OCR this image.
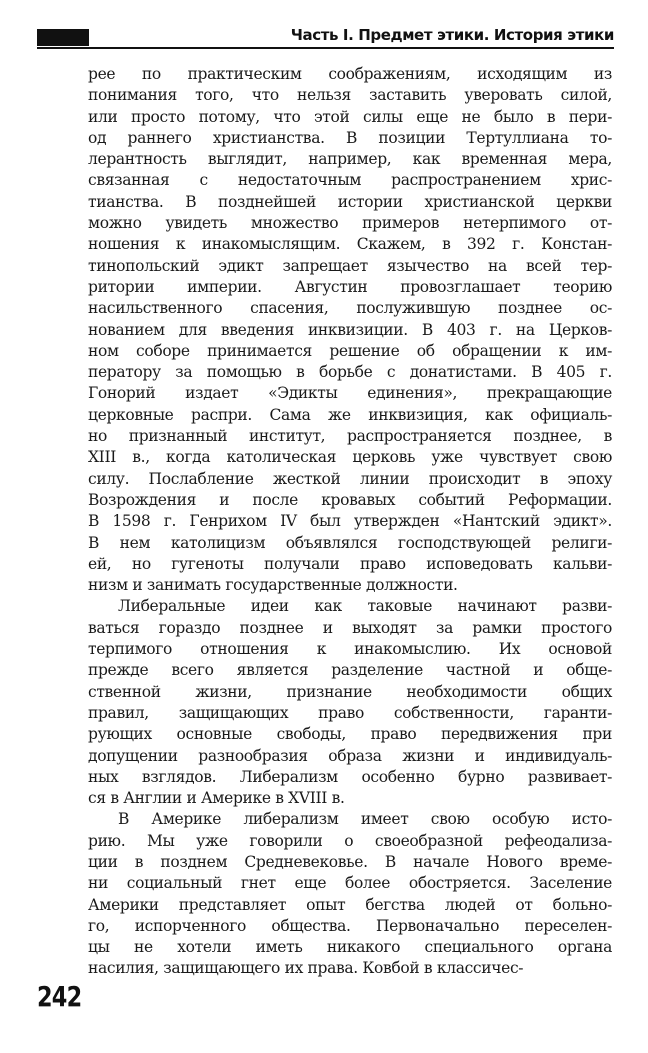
Часть I. Предмет этики. История этики
рее по практическим соображениям, исходящим из
понимания того, что нельзя заставить уверовать силой,
или просто потому, что этой силы еще не было в пери-
од раннего христианства. В позиции Тертуллиана то-
лерантность выглядит, например, как временная мера,
связанная с недостаточным распространением хрис-
тианства. В позднейшей истории христианской церкви
можно увидеть множество примеров нетерпимого от-
ношения к инакомыслящим. Скажем, в 392 г. Констан-
тинопольский эдикт запрещает язычество на всей тер-
ритории империи. Августин провозглашает теорию
насильственного спасения, послужившую позднее ос-
нованием для введения инквизиции. В 403 г. на Церков-
ном соборе принимается решение об обращении к им-
ператору за помощью в борьбе с донатистами. В 405 г.
Гонорий издает «Эдикты единения», прекращающие
церковные распри. Сама же инквизиция, как официаль-
но признанный институт, распространяется позднее, в
XIII в., когда католическая церковь уже чувствует свою
силу. Послабление жесткой линии происходит в эпоху
Возрождения и после кровавых событий Реформации.
В 1598 г. Генрихом IV был утвержден «Нантский эдикт».
В нем католицизм объявлялся господствующей религи-
ей, но гугеноты получали право исповедовать кальви-
низм и занимать государственные должности.
Либеральные идеи как таковые начинают разви-
ваться гораздо позднее и выходят за рамки простого
терпимого отношения к инакомыслию. Их основой
прежде всего является разделение частной и обще-
ственной жизни, признание необходимости общих
правил, защищающих право собственности, гаранти-
рующих основные свободы, право передвижения при
допущении разнообразия образа жизни и индивидуаль-
ных взглядов. Либерализм особенно бурно развивает-
ся в Англии и Америке в XVIII в.
В Америке либерализм имеет свою особую исто-
рию. Мы уже говорили о своеобразной рефеодализа-
ции в позднем Средневековье. В начале Нового време-
ни социальный гнет еще более обостряется. Заселение
Америки представляет опыт бегства людей от больно-
го, испорченного общества. Первоначально переселен-
цы не хотели иметь никакого специального органа
насилия, защищающего их права. Ковбой в классичес-
242
